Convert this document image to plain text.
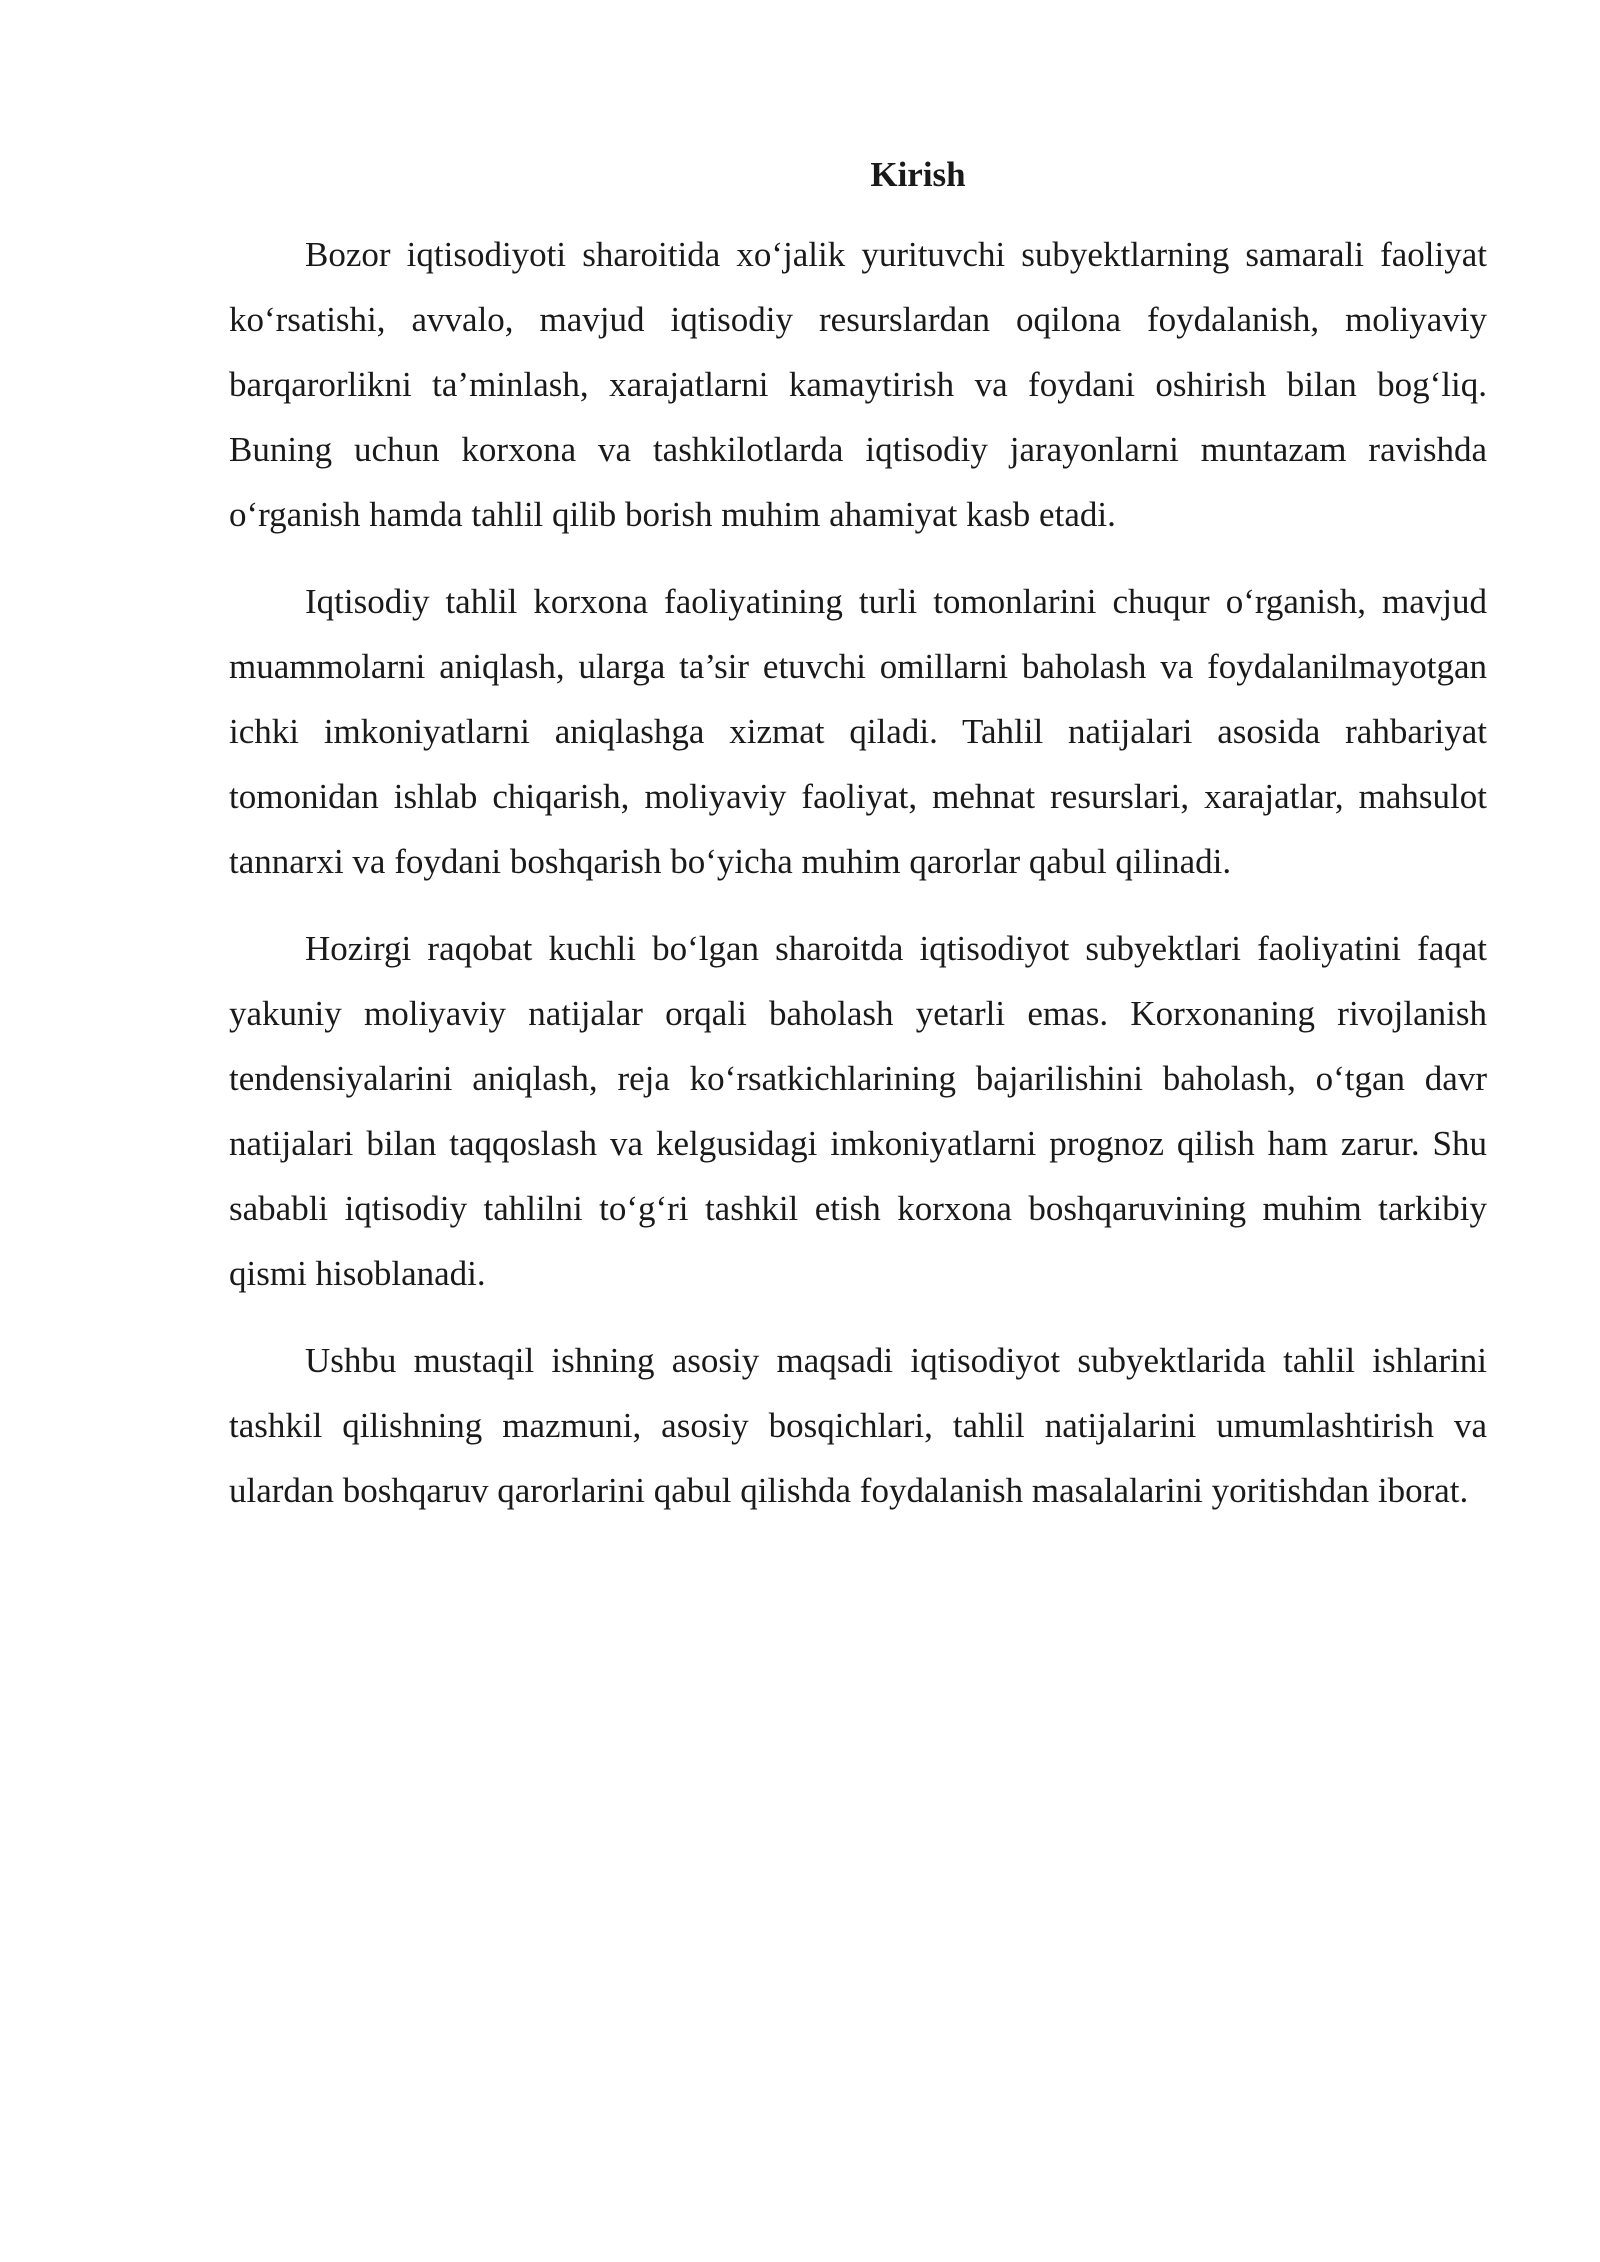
Kirish

Bozor iqtisodiyoti sharoitida xo‘jalik yurituvchi subyektlarning samarali faoliyat ko‘rsatishi, avvalo, mavjud iqtisodiy resurslardan oqilona foydalanish, moliyaviy barqarorlikni ta’minlash, xarajatlarni kamaytirish va foydani oshirish bilan bog‘liq. Buning uchun korxona va tashkilotlarda iqtisodiy jarayonlarni muntazam ravishda o‘rganish hamda tahlil qilib borish muhim ahamiyat kasb etadi.

Iqtisodiy tahlil korxona faoliyatining turli tomonlarini chuqur o‘rganish, mavjud muammolarni aniqlash, ularga ta’sir etuvchi omillarni baholash va foydalanilmayotgan ichki imkoniyatlarni aniqlashga xizmat qiladi. Tahlil natijalari asosida rahbariyat tomonidan ishlab chiqarish, moliyaviy faoliyat, mehnat resurslari, xarajatlar, mahsulot tannarxi va foydani boshqarish bo‘yicha muhim qarorlar qabul qilinadi.

Hozirgi raqobat kuchli bo‘lgan sharoitda iqtisodiyot subyektlari faoliyatini faqat yakuniy moliyaviy natijalar orqali baholash yetarli emas. Korxonaning rivojlanish tendensiyalarini aniqlash, reja ko‘rsatkichlarining bajarilishini baholash, o‘tgan davr natijalari bilan taqqoslash va kelgusidagi imkoniyatlarni prognoz qilish ham zarur. Shu sababli iqtisodiy tahlilni to‘g‘ri tashkil etish korxona boshqaruvining muhim tarkibiy qismi hisoblanadi.

Ushbu mustaqil ishning asosiy maqsadi iqtisodiyot subyektlarida tahlil ishlarini tashkil qilishning mazmuni, asosiy bosqichlari, tahlil natijalarini umumlashtirish va ulardan boshqaruv qarorlarini qabul qilishda foydalanish masalalarini yoritishdan iborat.
